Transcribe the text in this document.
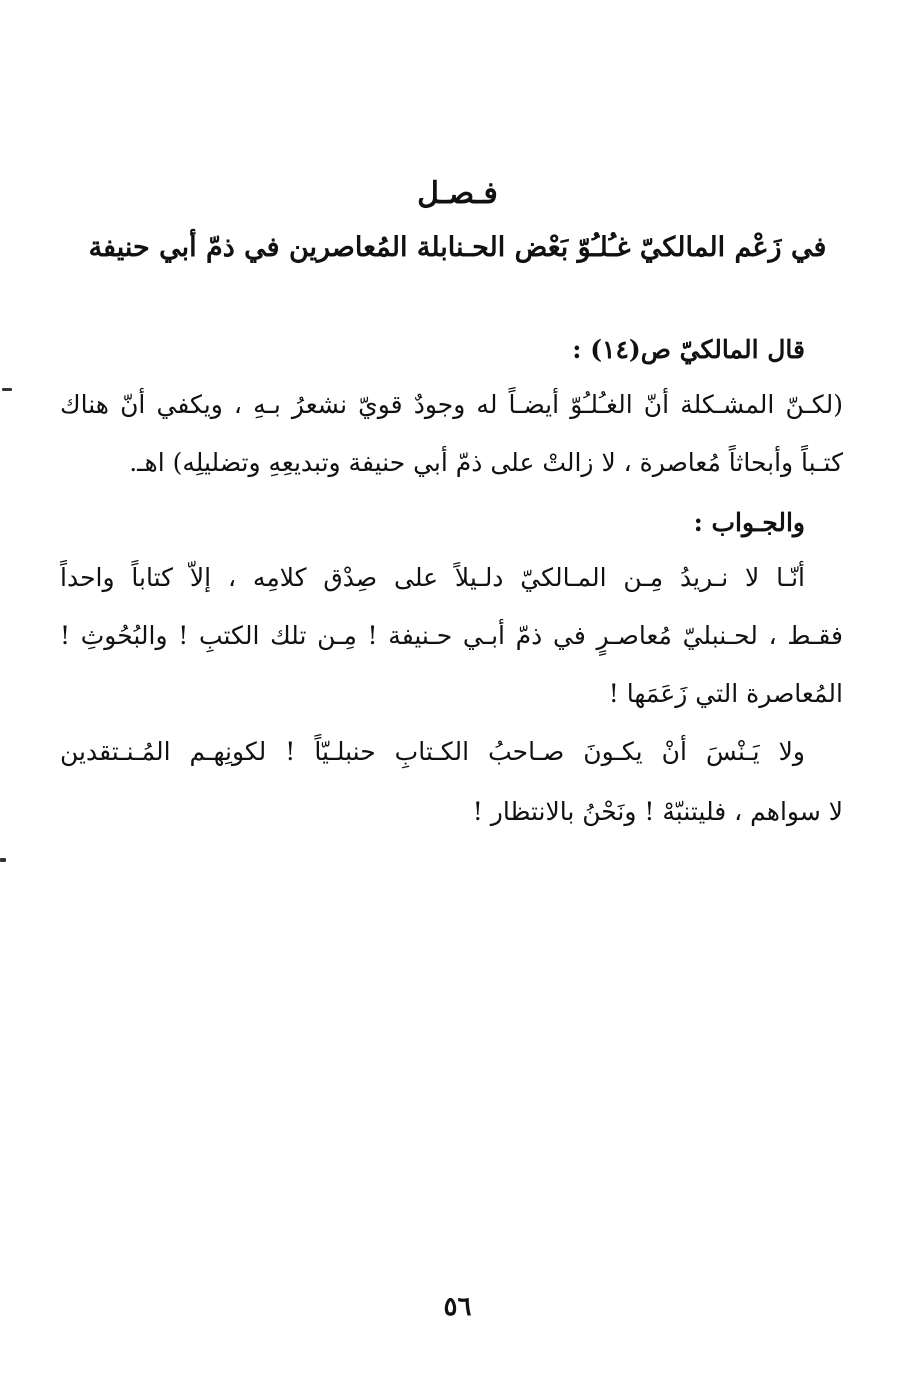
فـصـل
في زَعْم المالكيّ غـُلـُوّ بَعْض الحـنابلة المُعاصرين في ذمّ أبي حنيفة
قال المالكيّ ص(١٤) :
(لكـنّ المشـكلة أنّ الغـُلـُوّ أيضـاً له وجودٌ قويّ نشعرُ بـهِ ، ويكفي أنّ هناك
كتـباً وأبحاثاً مُعاصرة ، لا زالتْ على ذمّ أبي حنيفة وتبديعِهِ وتضليلِه) اهـ.
والجـواب :
أنّـا لا نـريدُ مِـن المـالكيّ دلـيلاً على صِدْق كلامِه ، إلاّ كتاباً واحداً
فقـط ، لحـنبليّ مُعاصـرٍ في ذمّ أبـي حـنيفة ! مِـن تلك الكتبِ ! والبُحُوثِ !
المُعاصرة التي زَعَمَها !
ولا يَـنْسَ أنْ يكـونَ صـاحبُ الكـتابِ حنبلـيّاً ! لكونِهـم المُـنـتقدين
لا سواهم ، فليتنبّهْ ! ونَحْنُ بالانتظار !
٥٦
